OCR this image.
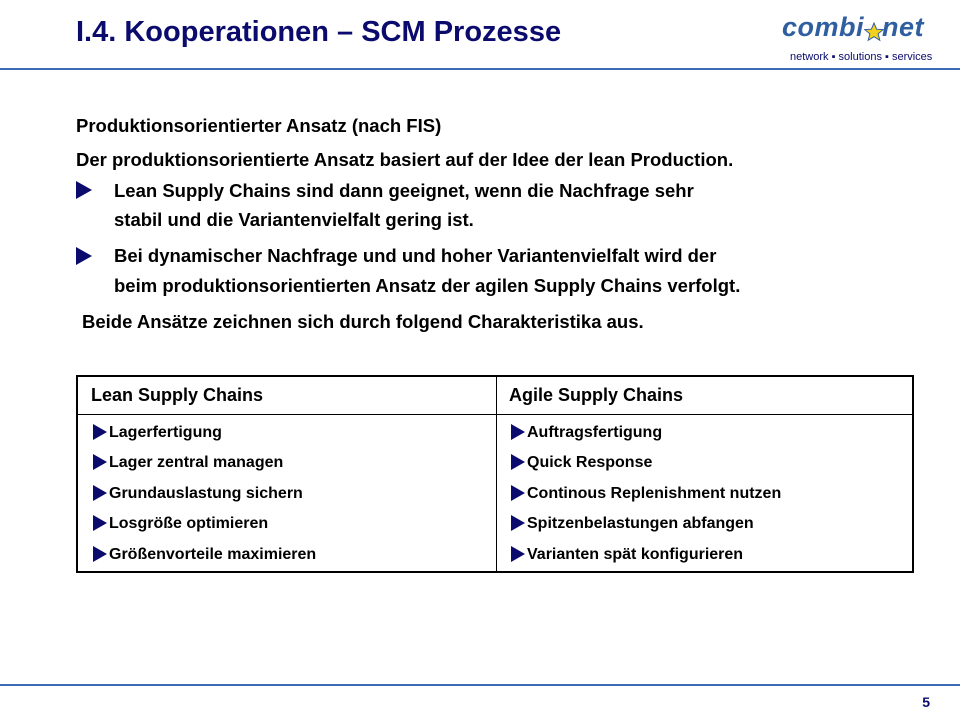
I.4. Kooperationen – SCM Prozesse	combi net
network ▪ solutions ▪ services
Produktionsorientierter Ansatz (nach FIS)
Der produktionsorientierte Ansatz basiert auf der Idee der lean Production.
Lean Supply Chains sind dann geeignet, wenn die Nachfrage sehr
stabil und die Variantenvielfalt gering ist.
Bei dynamischer Nachfrage und und hoher Variantenvielfalt wird der
beim produktionsorientierten Ansatz der agilen Supply Chains verfolgt.
Beide Ansätze zeichnen sich durch folgend Charakteristika aus.
Lean Supply Chains	Agile Supply Chains
Lagerfertigung
Lager zentral managen
Grundauslastung sichern
Losgröße optimieren
Größenvorteile maximieren
Auftragsfertigung
Quick Response
Continous Replenishment nutzen
Spitzenbelastungen abfangen
Varianten spät konfigurieren
5
